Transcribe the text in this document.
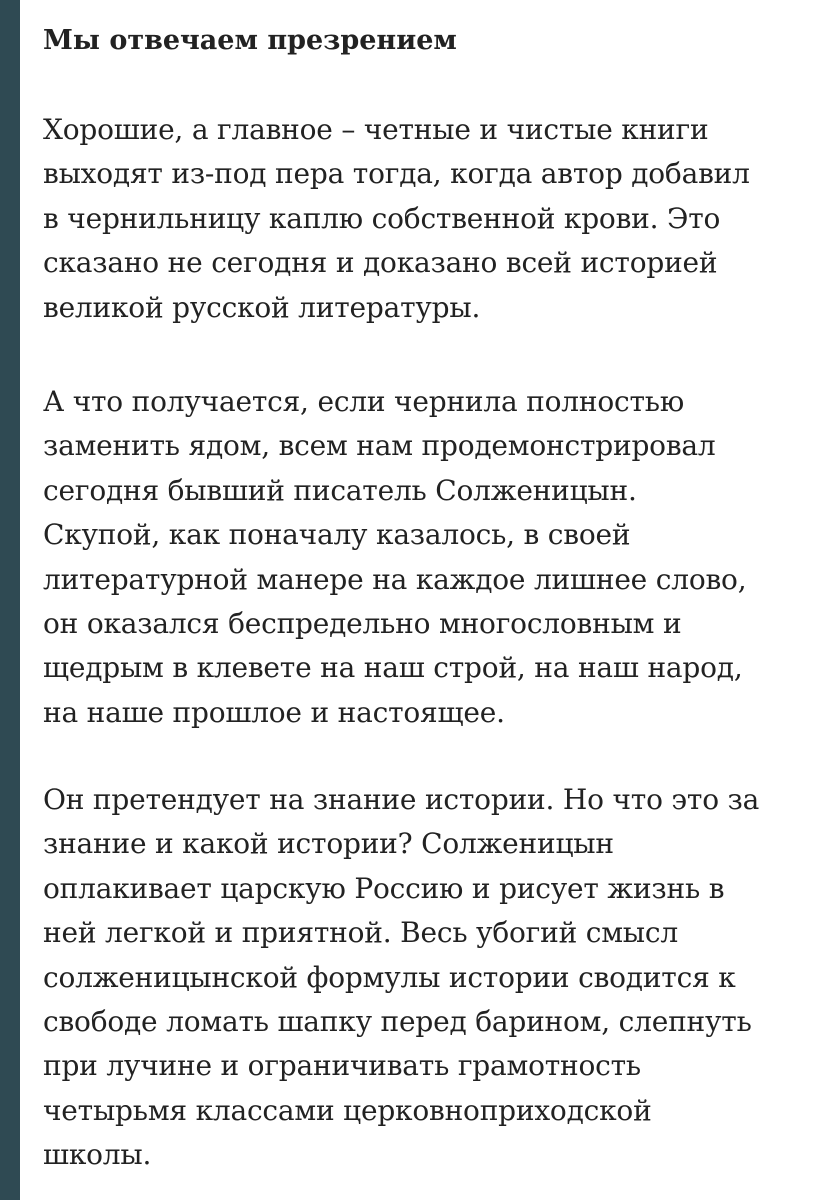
Мы отвечаем презрением

Хорошие, а главное – четные и чистые книги
выходят из-под пера тогда, когда автор добавил
в чернильницу каплю собственной крови. Это
сказано не сегодня и доказано всей историей
великой русской литературы.

А что получается, если чернила полностью
заменить ядом, всем нам продемонстрировал
сегодня бывший писатель Солженицын.
Скупой, как поначалу казалось, в своей
литературной манере на каждое лишнее слово,
он оказался беспредельно многословным и
щедрым в клевете на наш строй, на наш народ,
на наше прошлое и настоящее.

Он претендует на знание истории. Но что это за
знание и какой истории? Солженицын
оплакивает царскую Россию и рисует жизнь в
ней легкой и приятной. Весь убогий смысл
солженицынской формулы истории сводится к
свободе ломать шапку перед барином, слепнуть
при лучине и ограничивать грамотность
четырьмя классами церковноприходской
школы.
